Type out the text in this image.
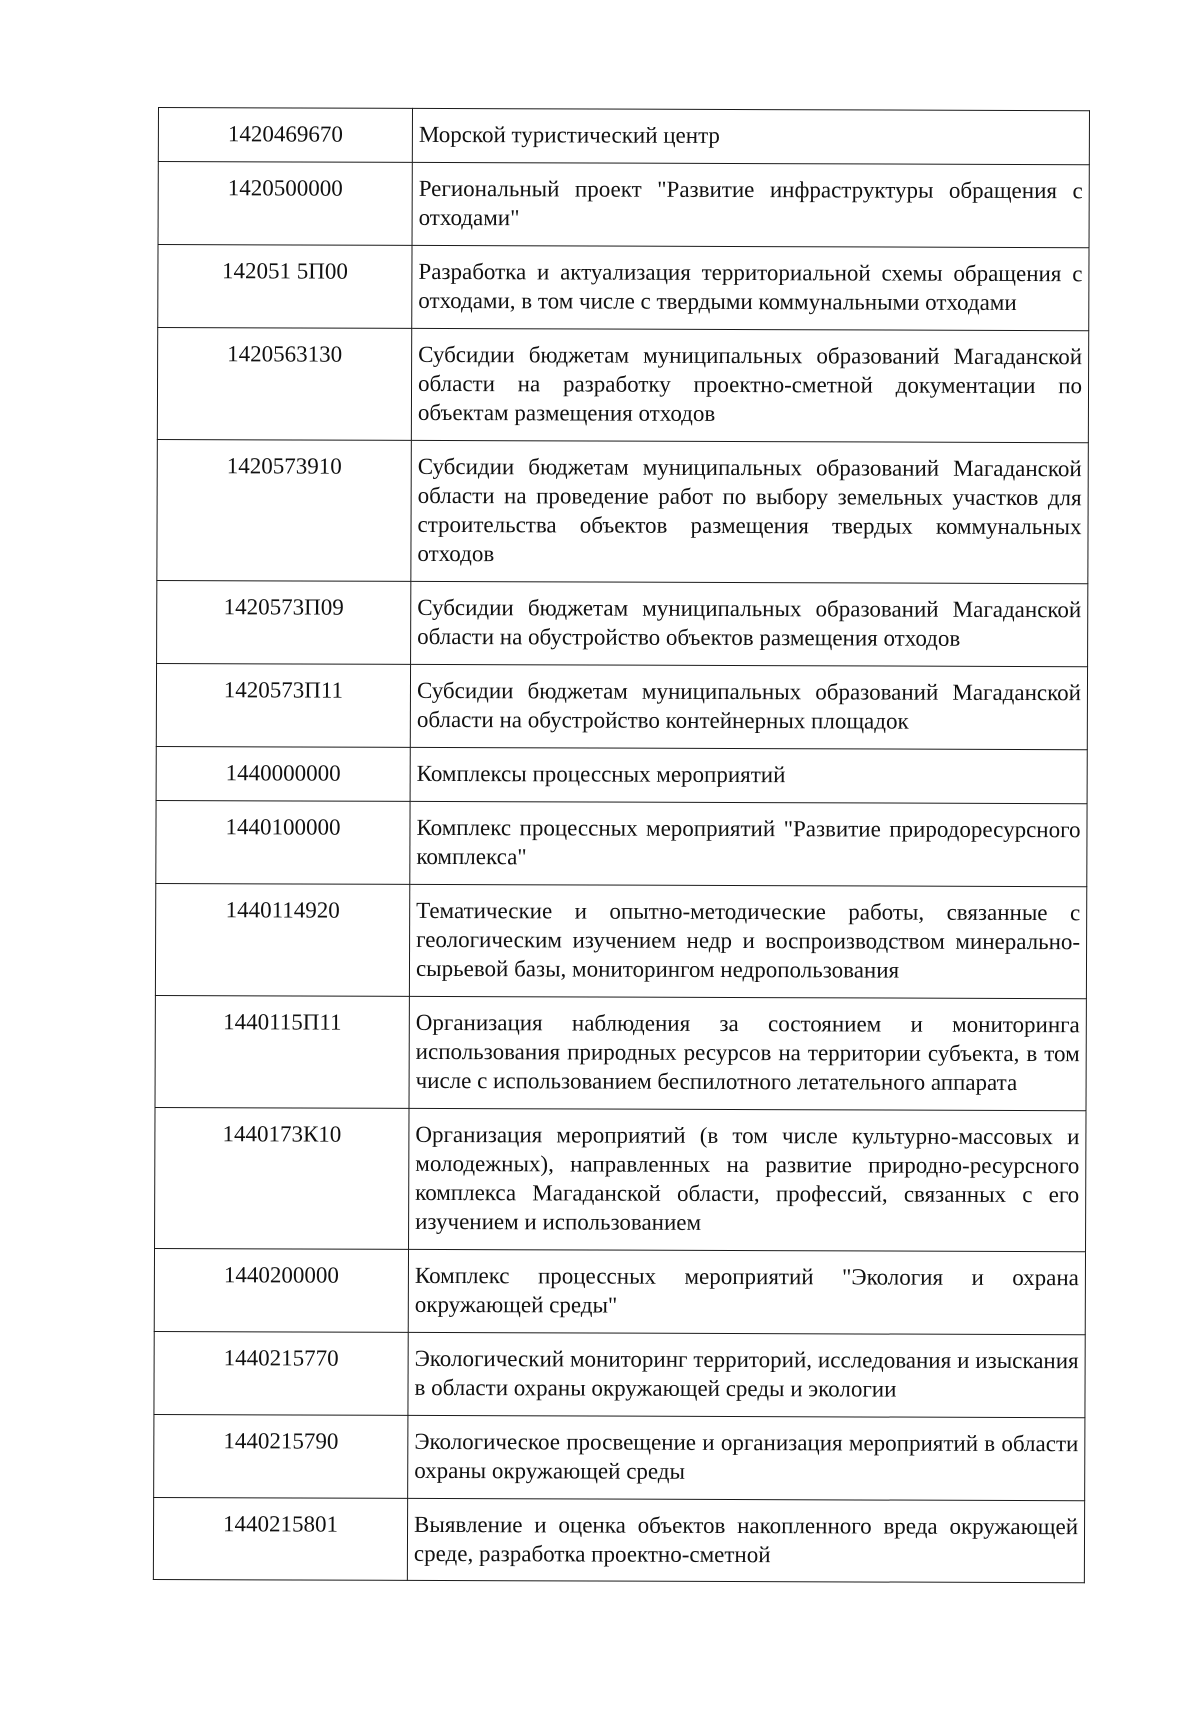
1420469670	Морской туристический центр
1420500000	Региональный проект "Развитие инфраструктуры обращения с отходами"
142051 5П00	Разработка и актуализация территориальной схемы обращения с отходами, в том числе с твердыми коммунальными отходами
1420563130	Субсидии бюджетам муниципальных образований Магаданской области на разработку проектно-сметной документации по объектам размещения отходов
1420573910	Субсидии бюджетам муниципальных образований Магаданской области на проведение работ по выбору земельных участков для строительства объектов размещения твердых коммунальных отходов
1420573П09	Субсидии бюджетам муниципальных образований Магаданской области на обустройство объектов размещения отходов
1420573П11	Субсидии бюджетам муниципальных образований Магаданской области на обустройство контейнерных площадок
1440000000	Комплексы процессных мероприятий
1440100000	Комплекс процессных мероприятий "Развитие природоресурсного комплекса"
1440114920	Тематические и опытно-методические работы, связанные с геологическим изучением недр и воспроизводством минерально-сырьевой базы, мониторингом недропользования
1440115П11	Организация наблюдения за состоянием и мониторинга использования природных ресурсов на территории субъекта, в том числе с использованием беспилотного летательного аппарата
1440173К10	Организация мероприятий (в том числе культурно-массовых и молодежных), направленных на развитие природно-ресурсного комплекса Магаданской области, профессий, связанных с его изучением и использованием
1440200000	Комплекс процессных мероприятий "Экология и охрана окружающей среды"
1440215770	Экологический мониторинг территорий, исследования и изыскания в области охраны окружающей среды и экологии
1440215790	Экологическое просвещение и организация мероприятий в области охраны окружающей среды
1440215801	Выявление и оценка объектов накопленного вреда окружающей среде, разработка проектно-сметной
